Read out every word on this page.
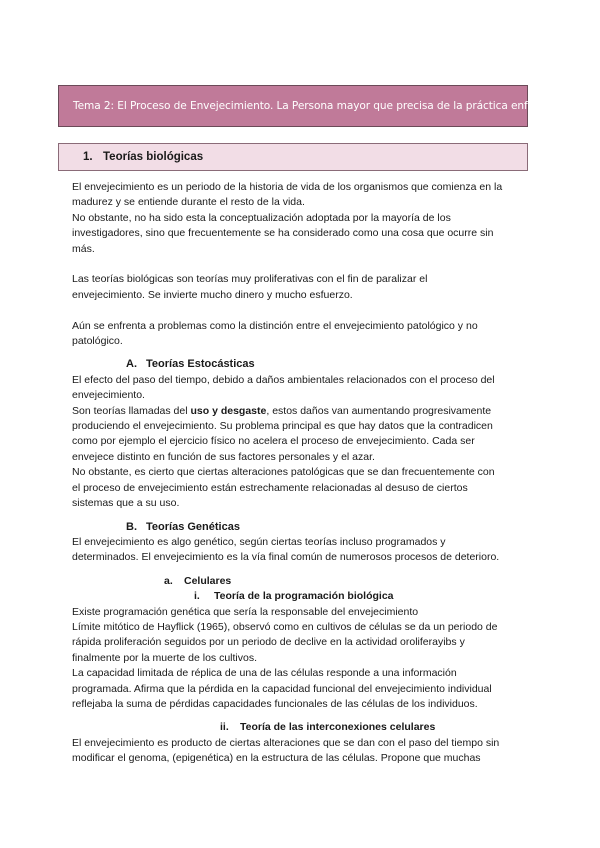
Tema 2: El Proceso de Envejecimiento. La Persona mayor que precisa de la práctica enfermera.
1. Teorías biológicas

El envejecimiento es un periodo de la historia de vida de los organismos que comienza en la
madurez y se entiende durante el resto de la vida.
No obstante, no ha sido esta la conceptualización adoptada por la mayoría de los
investigadores, sino que frecuentemente se ha considerado como una cosa que ocurre sin
más.

Las teorías biológicas son teorías muy proliferativas con el fin de paralizar el
envejecimiento. Se invierte mucho dinero y mucho esfuerzo.

Aún se enfrenta a problemas como la distinción entre el envejecimiento patológico y no
patológico.

A. Teorías Estocásticas

El efecto del paso del tiempo, debido a daños ambientales relacionados con el proceso del
envejecimiento.
Son teorías llamadas del uso y desgaste, estos daños van aumentando progresivamente
produciendo el envejecimiento. Su problema principal es que hay datos que la contradicen
como por ejemplo el ejercicio físico no acelera el proceso de envejecimiento. Cada ser
envejece distinto en función de sus factores personales y el azar.
No obstante, es cierto que ciertas alteraciones patológicas que se dan frecuentemente con
el proceso de envejecimiento están estrechamente relacionadas al desuso de ciertos
sistemas que a su uso.

B. Teorías Genéticas

El envejecimiento es algo genético, según ciertas teorías incluso programados y
determinados. El envejecimiento es la vía final común de numerosos procesos de deterioro.

a. Celulares

i. Teoría de la programación biológica

Existe programación genética que sería la responsable del envejecimiento
Límite mitótico de Hayflick (1965), observó como en cultivos de células se da un periodo de
rápida proliferación seguidos por un periodo de declive en la actividad oroliferayibs y
finalmente por la muerte de los cultivos.
La capacidad limitada de réplica de una de las células responde a una información
programada. Afirma que la pérdida en la capacidad funcional del envejecimiento individual
reflejaba la suma de pérdidas capacidades funcionales de las células de los individuos.

ii. Teoría de las interconexiones celulares

El envejecimiento es producto de ciertas alteraciones que se dan con el paso del tiempo sin
modificar el genoma, (epigenética) en la estructura de las células. Propone que muchas
